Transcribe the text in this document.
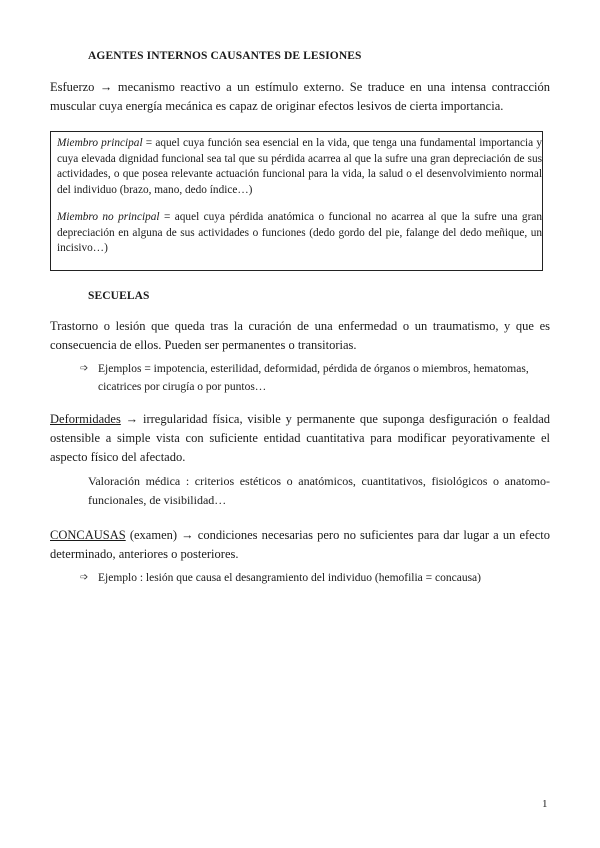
AGENTES INTERNOS CAUSANTES DE LESIONES
Esfuerzo → mecanismo reactivo a un estímulo externo. Se traduce en una intensa contracción muscular cuya energía mecánica es capaz de originar efectos lesivos de cierta importancia.

Miembro principal = aquel cuya función sea esencial en la vida, que tenga una fundamental importancia y cuya elevada dignidad funcional sea tal que su pérdida acarrea al que la sufre una gran depreciación de sus actividades, o que posea relevante actuación funcional para la vida, la salud o el desenvolvimiento normal del individuo (brazo, mano, dedo índice…)

Miembro no principal = aquel cuya pérdida anatómica o funcional no acarrea al que la sufre una gran depreciación en alguna de sus actividades o funciones (dedo gordo del pie, falange del dedo meñique, un incisivo…)

SECUELAS
Trastorno o lesión que queda tras la curación de una enfermedad o un traumatismo, y que es consecuencia de ellos. Pueden ser permanentes o transitorias.
➩ Ejemplos = impotencia, esterilidad, deformidad, pérdida de órganos o miembros, hematomas, cicatrices por cirugía o por puntos…
Deformidades → irregularidad física, visible y permanente que suponga desfiguración o fealdad ostensible a simple vista con suficiente entidad cuantitativa para modificar peyorativamente el aspecto físico del afectado.
Valoración médica : criterios estéticos o anatómicos, cuantitativos, fisiológicos o anatomo-funcionales, de visibilidad…
CONCAUSAS (examen) → condiciones necesarias pero no suficientes para dar lugar a un efecto determinado, anteriores o posteriores.
➩ Ejemplo : lesión que causa el desangramiento del individuo (hemofilia = concausa)
1
